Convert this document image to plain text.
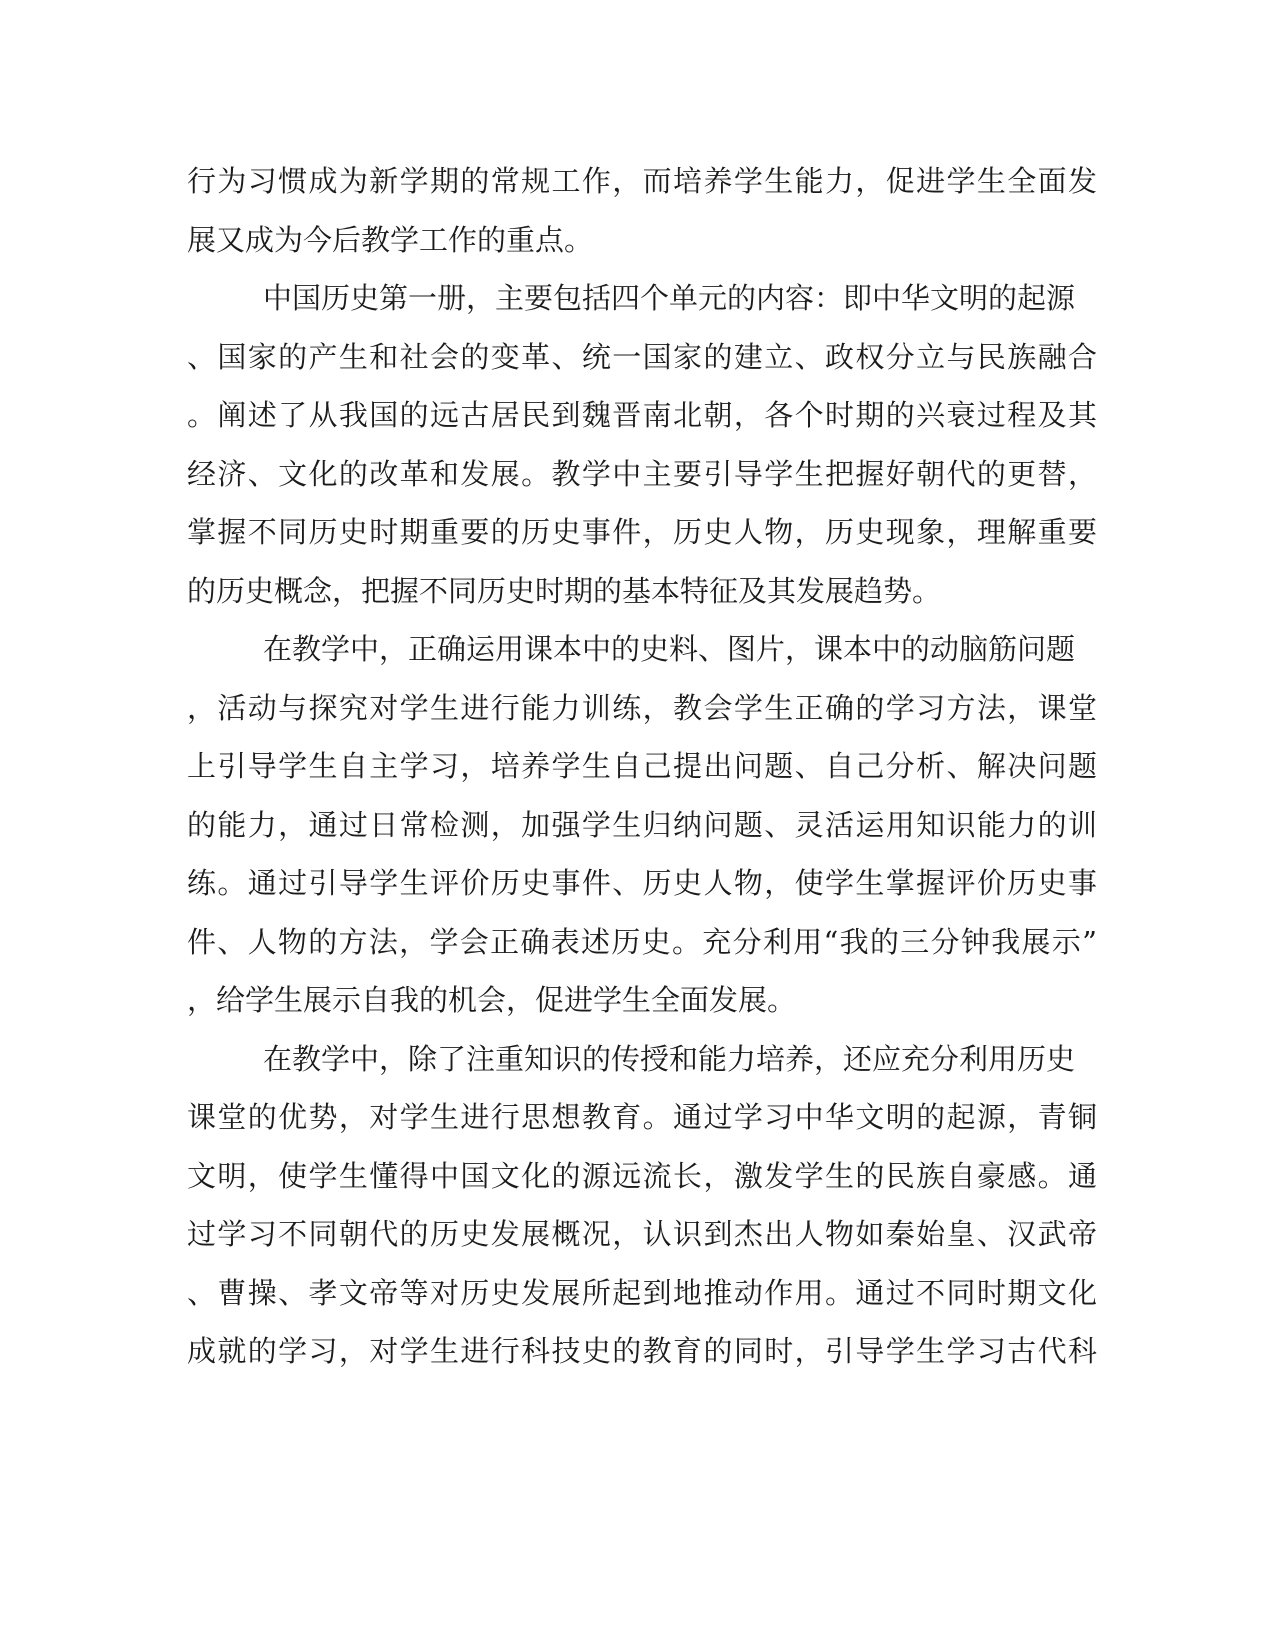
行为习惯成为新学期的常规工作，而培养学生能力，促进学生全面发

展又成为今后教学工作的重点。

中国历史第一册，主要包括四个单元的内容：即中华文明的起源

、国家的产生和社会的变革、统一国家的建立、政权分立与民族融合

。阐述了从我国的远古居民到魏晋南北朝，各个时期的兴衰过程及其

经济、文化的改革和发展。教学中主要引导学生把握好朝代的更替，

掌握不同历史时期重要的历史事件，历史人物，历史现象，理解重要

的历史概念，把握不同历史时期的基本特征及其发展趋势。

在教学中，正确运用课本中的史料、图片，课本中的动脑筋问题

，活动与探究对学生进行能力训练，教会学生正确的学习方法，课堂

上引导学生自主学习，培养学生自己提出问题、自己分析、解决问题

的能力，通过日常检测，加强学生归纳问题、灵活运用知识能力的训

练。通过引导学生评价历史事件、历史人物，使学生掌握评价历史事

件、人物的方法，学会正确表述历史。充分利用“我的三分钟我展示”

，给学生展示自我的机会，促进学生全面发展。

在教学中，除了注重知识的传授和能力培养，还应充分利用历史

课堂的优势，对学生进行思想教育。通过学习中华文明的起源，青铜

文明，使学生懂得中国文化的源远流长，激发学生的民族自豪感。通

过学习不同朝代的历史发展概况，认识到杰出人物如秦始皇、汉武帝

、曹操、孝文帝等对历史发展所起到地推动作用。通过不同时期文化

成就的学习，对学生进行科技史的教育的同时，引导学生学习古代科
